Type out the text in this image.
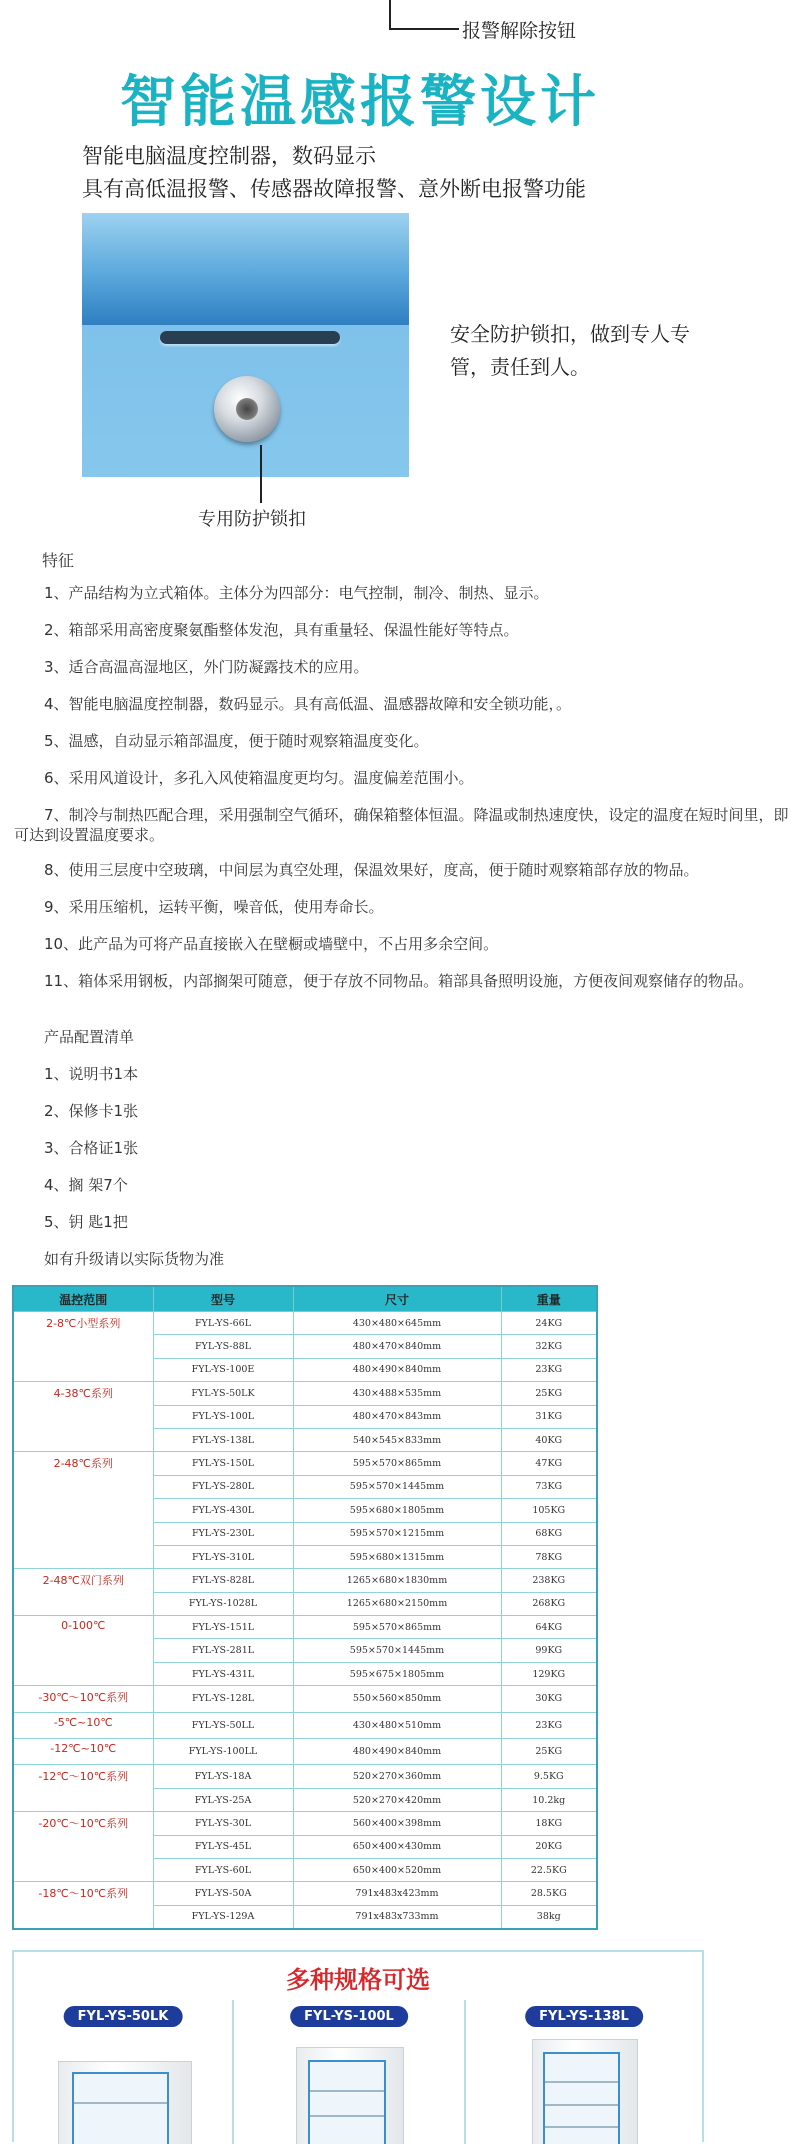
报警解除按钮
智能温感报警设计
智能电脑温度控制器，数码显示
具有高低温报警、传感器故障报警、意外断电报警功能
专用防护锁扣
安全防护锁扣，做到专人专管，责任到人。
特征
1、产品结构为立式箱体。主体分为四部分：电气控制，制冷、制热、显示。
2、箱部采用高密度聚氨酯整体发泡，具有重量轻、保温性能好等特点。
3、适合高温高湿地区，外门防凝露技术的应用。
4、智能电脑温度控制器，数码显示。具有高低温、温感器故障和安全锁功能，。
5、温感，自动显示箱部温度，便于随时观察箱温度变化。
6、采用风道设计，多孔入风使箱温度更均匀。温度偏差范围小。
7、制冷与制热匹配合理，采用强制空气循环，确保箱整体恒温。降温或制热速度快，设定的温度在短时间里，即可达到设置温度要求。
8、使用三层度中空玻璃，中间层为真空处理，保温效果好，度高，便于随时观察箱部存放的物品。
9、采用压缩机，运转平衡，噪音低，使用寿命长。
10、此产品为可将产品直接嵌入在壁橱或墙壁中，不占用多余空间。
11、箱体采用钢板，内部搁架可随意，便于存放不同物品。箱部具备照明设施，方便夜间观察储存的物品。
产品配置清单
1、说明书1本
2、保修卡1张
3、合格证1张
4、搁 架7个
5、钥 匙1把
如有升级请以实际货物为准
温控范围	型号	尺寸	重量
2-8℃小型系列	FYL-YS-66L	430×480×645mm	24KG
	FYL-YS-88L	480×470×840mm	32KG
	FYL-YS-100E	480×490×840mm	23KG
4-38℃系列	FYL-YS-50LK	430×488×535mm	25KG
	FYL-YS-100L	480×470×843mm	31KG
	FYL-YS-138L	540×545×833mm	40KG
2-48℃系列	FYL-YS-150L	595×570×865mm	47KG
	FYL-YS-280L	595×570×1445mm	73KG
	FYL-YS-430L	595×680×1805mm	105KG
	FYL-YS-230L	595×570×1215mm	68KG
	FYL-YS-310L	595×680×1315mm	78KG
2-48℃双门系列	FYL-YS-828L	1265×680×1830mm	238KG
	FYL-YS-1028L	1265×680×2150mm	268KG
0-100℃	FYL-YS-151L	595×570×865mm	64KG
	FYL-YS-281L	595×570×1445mm	99KG
	FYL-YS-431L	595×675×1805mm	129KG
-30℃～10℃系列	FYL-YS-128L	550×560×850mm	30KG
-5℃~10℃	FYL-YS-50LL	430×480×510mm	23KG
-12℃~10℃	FYL-YS-100LL	480×490×840mm	25KG
-12℃～10℃系列	FYL-YS-18A	520×270×360mm	9.5KG
	FYL-YS-25A	520×270×420mm	10.2kg
-20℃～10℃系列	FYL-YS-30L	560×400×398mm	18KG
	FYL-YS-45L	650×400×430mm	20KG
	FYL-YS-60L	650×400×520mm	22.5KG
-18℃～10℃系列	FYL-YS-50A	791x483x423mm	28.5KG
	FYL-YS-129A	791x483x733mm	38kg
多种规格可选
FYL-YS-50LK	FYL-YS-100L	FYL-YS-138L
